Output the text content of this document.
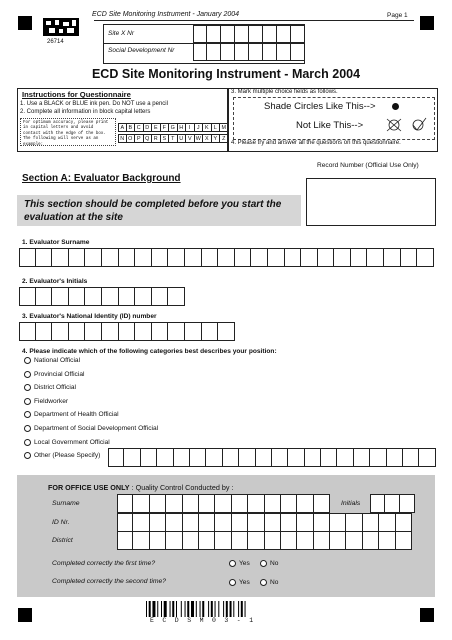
ECD Site Monitoring Instrument - January 2004	Page 1
26714
Site X Nr
Social Development Nr
ECD Site Monitoring Instrument - March 2004
Instructions for Questionnaire
1. Use a BLACK or BLUE ink pen. Do NOT use a pencil
2. Complete all information in block capital letters
For optimum accuracy, please print in capital letters and avoid contact with the edge of the box. The following will serve as an example:
A B C D E F G H	I	J K L M
N O P Q R S T U V W X Y Z
3. Mark multiple choice fields as follows.
Shade Circles Like This-->
Not Like This-->
4. Please try and answer all the questions on this questionnaire.
Record Number (Official Use Only)
Section A: Evaluator Background
This section should be completed before you start the
evaluation at the site
1. Evaluator Surname
2. Evaluator's Initials
3. Evaluator's National Identity (ID) number
4. Please indicate which of the following categories best describes your position:
National Official
Provincial Official
District Official
Fieldworker
Department of Health Official
Department of Social Development Official
Local Government Official
Other (Please Specify)
FOR OFFICE USE ONLY : Quality Control Conducted by :
Surname	Initials
ID Nr.
District
Completed correctly the first time?	Yes	No
Completed correctly the second time?	Yes	No
E C D S M 0 3 - 1
